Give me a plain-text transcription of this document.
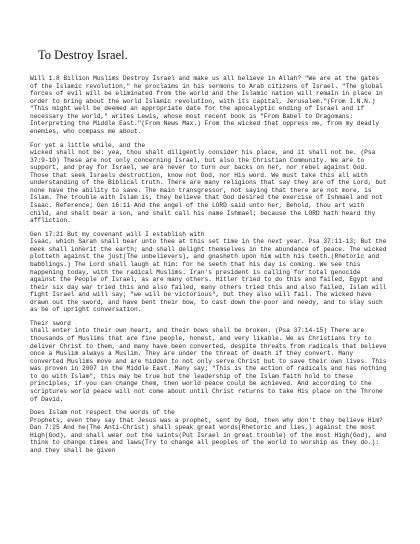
To Destroy Israel.

Will 1.8 Billion Muslims Destroy Israel and make us all believe in Allah? "We are at the gates of the Islamic revolution," he proclaims in his sermons to Arab citizens of Israel. "The global forces of evil will be eliminated from the world and the Islamic nation will remain in place in order to bring about the world Islamic revolution, with its capital, Jerusalem."(From I.N.N.) "This might well be deemed an appropriate date for the apocalyptic ending of Israel and if necessary the world," writes Lewis, whose most recent book is "From Babel to Dragomans: Interpreting the Middle East."(From News Max.) From the wicked that oppress me, from my deadly enemies, who compass me about.

For yet a little while, and the
wicked shall not be: yea, thou shalt diligently consider his place, and it shall not be. (Psa 37:9-10) These are not only concerning Israel, but also the Christian Community. We are to support, and pray for Israel, we are never to turn our backs on her, nor rebel against God. Those that seek Israels destruction, know not God, nor His word. We must take this all with understanding of the Biblical truth. There are many religions that say they are of the Lord, but none have the ability to save. The main transgressor, not saying that there are not more, is Islam. The trouble with Islam is, they believe that God desired the exercise of Ishmael and not Isaac. Reference; Gen 16:11 And the angel of the LORD said unto her, Behold, thou art with child, and shalt bear a son, and shalt call his name Ishmael; because the LORD hath heard thy affliction.

Gen 17:21 But my covenant will I establish with
Isaac, which Sarah shall bear unto thee at this set time in the next year. Psa 37:11-13; But the meek shall inherit the earth; and shall delight themselves in the abundance of peace. The wicked plotteth against the just(The unbelievers), and gnasheth upon him with his teeth.(Rhetoric and babblings.) The Lord shall laugh at him: for he seeth that his day is coming. We see this happening today, with the radical Muslims. Iran's president is calling for total genocide against the People of Israel, as are many others. Hitler tried to do this and failed, Egypt and their six day war tried this and also failed, many others tried this and also failed, Islam will fight Israel and will say; "we will be victorious", but they also will fail. The wicked have drawn out the sword, and have bent their bow, to cast down the poor and needy, and to slay such as be of upright conversation.

Their sword
shall enter into their own heart, and their bows shall be broken. (Psa 37:14-15) There are thousands of Muslims that are fine people, honest, and very likable. We as Christians try to deliver Christ to them, and many have been converted, despite threats from radicals that believe once a Muslim always a Muslim. They are under the threat of death if they convert. Many converted Muslims move and are hidden to not only serve Christ but to save their own lives. This was proven in 2007 in the Middle East. Many say; "This is the action of radicals and has nothing to do with Islam", this may be true but the leadership of the Islam faith hold to these principles, if you can change them, then world peace could be achieved. And according to the scriptures world peace will not come about until Christ returns to take His place on the Throne of David.

Does Islam not respect the words of the
Prophets, even they say that Jesus was a prophet, sent by God, then why don't they believe Him? Dan 7:25 And he(The Anti-Christ) shall speak great words(Rhetoric and lies,) against the most High(God), and shall wear out the saints(Put Israel in great trouble) of the most High(God), and think to change times and laws(Try to change all peoples of the world to worship as they do.): and they shall be given
